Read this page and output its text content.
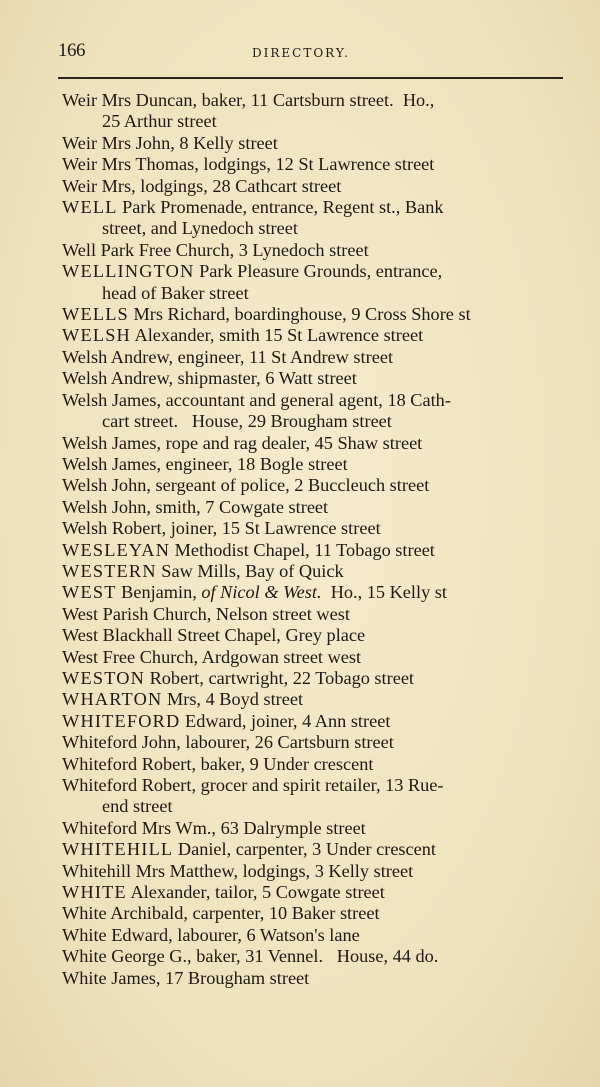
166	DIRECTORY.
Weir Mrs Duncan, baker, 11 Cartsburn street.  Ho.,
25 Arthur street
Weir Mrs John, 8 Kelly street
Weir Mrs Thomas, lodgings, 12 St Lawrence street
Weir Mrs, lodgings, 28 Cathcart street
WELL Park Promenade, entrance, Regent st., Bank
street, and Lynedoch street
Well Park Free Church, 3 Lynedoch street
WELLINGTON Park Pleasure Grounds, entrance,
head of Baker street
WELLS Mrs Richard, boardinghouse, 9 Cross Shore st
WELSH Alexander, smith 15 St Lawrence street
Welsh Andrew, engineer, 11 St Andrew street
Welsh Andrew, shipmaster, 6 Watt street
Welsh James, accountant and general agent, 18 Cath-
cart street.   House, 29 Brougham street
Welsh James, rope and rag dealer, 45 Shaw street
Welsh James, engineer, 18 Bogle street
Welsh John, sergeant of police, 2 Buccleuch street
Welsh John, smith, 7 Cowgate street
Welsh Robert, joiner, 15 St Lawrence street
WESLEYAN Methodist Chapel, 11 Tobago street
WESTERN Saw Mills, Bay of Quick
WEST Benjamin, of Nicol & West.  Ho., 15 Kelly st
West Parish Church, Nelson street west
West Blackhall Street Chapel, Grey place
West Free Church, Ardgowan street west
WESTON Robert, cartwright, 22 Tobago street
WHARTON Mrs, 4 Boyd street
WHITEFORD Edward, joiner, 4 Ann street
Whiteford John, labourer, 26 Cartsburn street
Whiteford Robert, baker, 9 Under crescent
Whiteford Robert, grocer and spirit retailer, 13 Rue-
end street
Whiteford Mrs Wm., 63 Dalrymple street
WHITEHILL Daniel, carpenter, 3 Under crescent
Whitehill Mrs Matthew, lodgings, 3 Kelly street
WHITE Alexander, tailor, 5 Cowgate street
White Archibald, carpenter, 10 Baker street
White Edward, labourer, 6 Watson's lane
White George G., baker, 31 Vennel.   House, 44 do.
White James, 17 Brougham street
